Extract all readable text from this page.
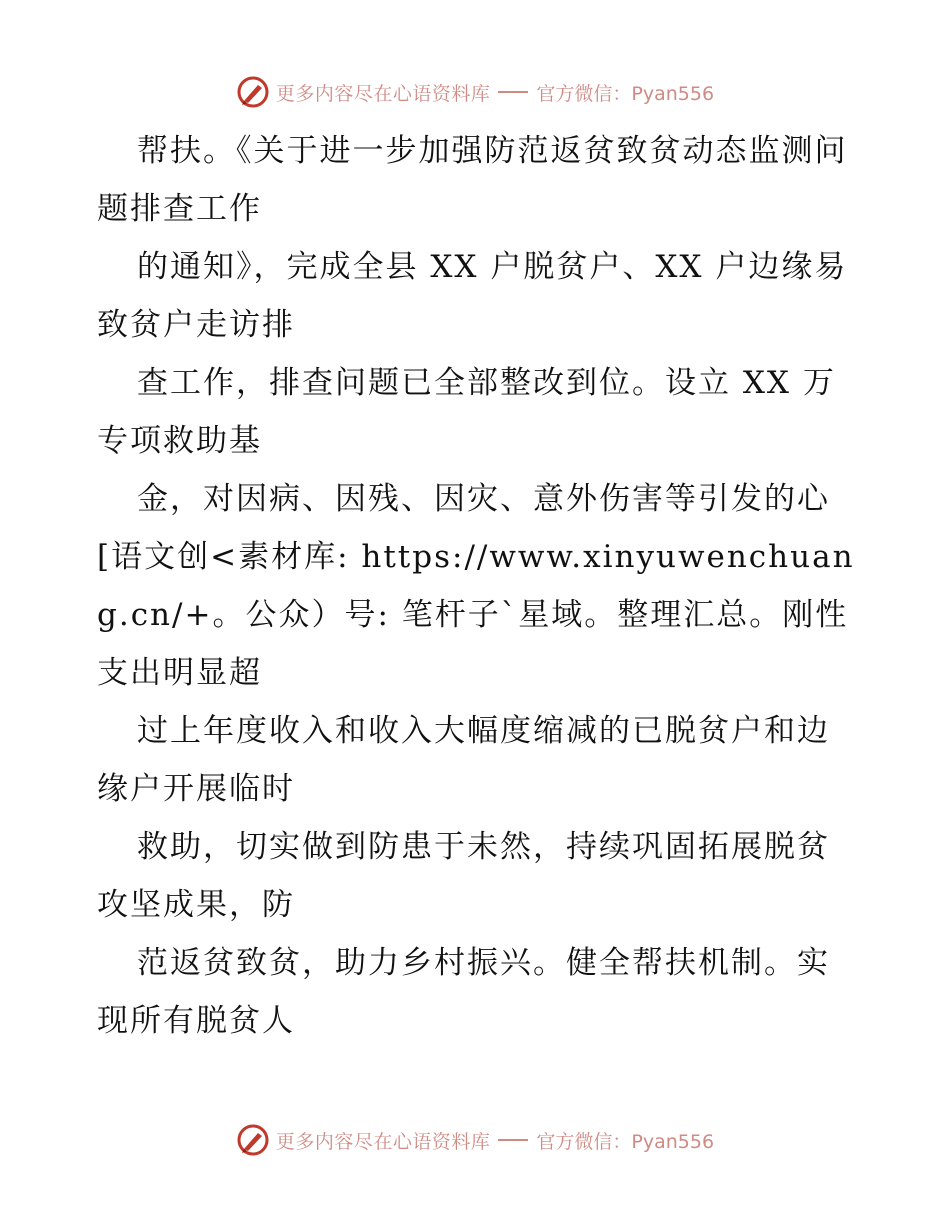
更多内容尽在心语资料库 官方微信：Pyan556

帮扶。《关于进一步加强防范返贫致贫动态监测问题排查工作

的通知》，完成全县 XX 户脱贫户、XX 户边缘易致贫户走访排

查工作，排查问题已全部整改到位。设立 XX 万专项救助基

金，对因病、因残、因灾、意外伤害等引发的心[语文创<素材库: https://www.xinyuwenchuang.cn/+。公众）号: 笔杆子`星域。整理汇总。刚性支出明显超

过上年度收入和收入大幅度缩减的已脱贫户和边缘户开展临时

救助，切实做到防患于未然，持续巩固拓展脱贫攻坚成果，防

范返贫致贫，助力乡村振兴。健全帮扶机制。实现所有脱贫人

更多内容尽在心语资料库 官方微信：Pyan556
